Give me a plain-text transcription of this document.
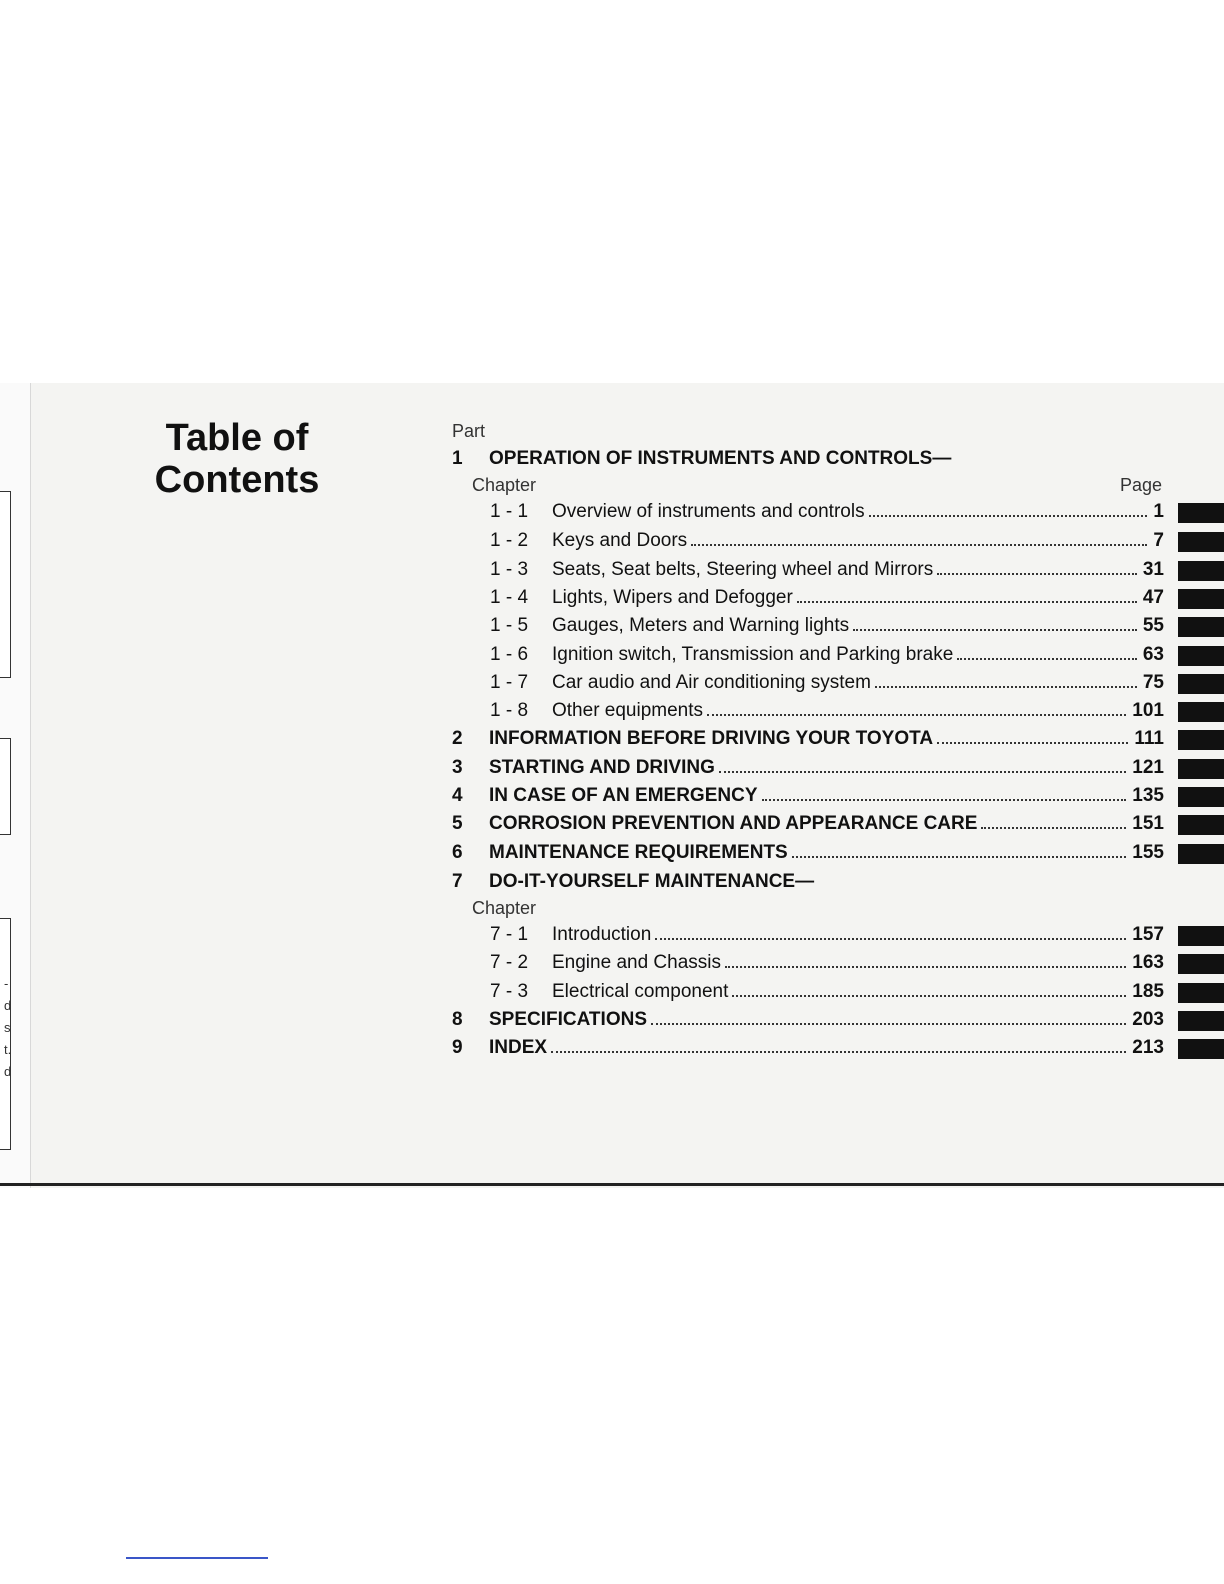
-
d
s
t.
d
Table of
Contents
Part
Chapter	Page
Chapter
1 OPERATION OF INSTRUMENTS AND CONTROLS—
1 - 1 Overview of instruments and controls	1
1 - 2 Keys and Doors	7
1 - 3 Seats, Seat belts, Steering wheel and Mirrors	31
1 - 4 Lights, Wipers and Defogger	47
1 - 5 Gauges, Meters and Warning lights	55
1 - 6 Ignition switch, Transmission and Parking brake	63
1 - 7 Car audio and Air conditioning system	75
1 - 8 Other equipments	101
2 INFORMATION BEFORE DRIVING YOUR TOYOTA	111
3 STARTING AND DRIVING	121
4 IN CASE OF AN EMERGENCY	135
5 CORROSION PREVENTION AND APPEARANCE CARE	151
6 MAINTENANCE REQUIREMENTS	155
7 DO-IT-YOURSELF MAINTENANCE—
7 - 1 Introduction	157
7 - 2 Engine and Chassis	163
7 - 3 Electrical component	185
8 SPECIFICATIONS	203
9 INDEX	213
